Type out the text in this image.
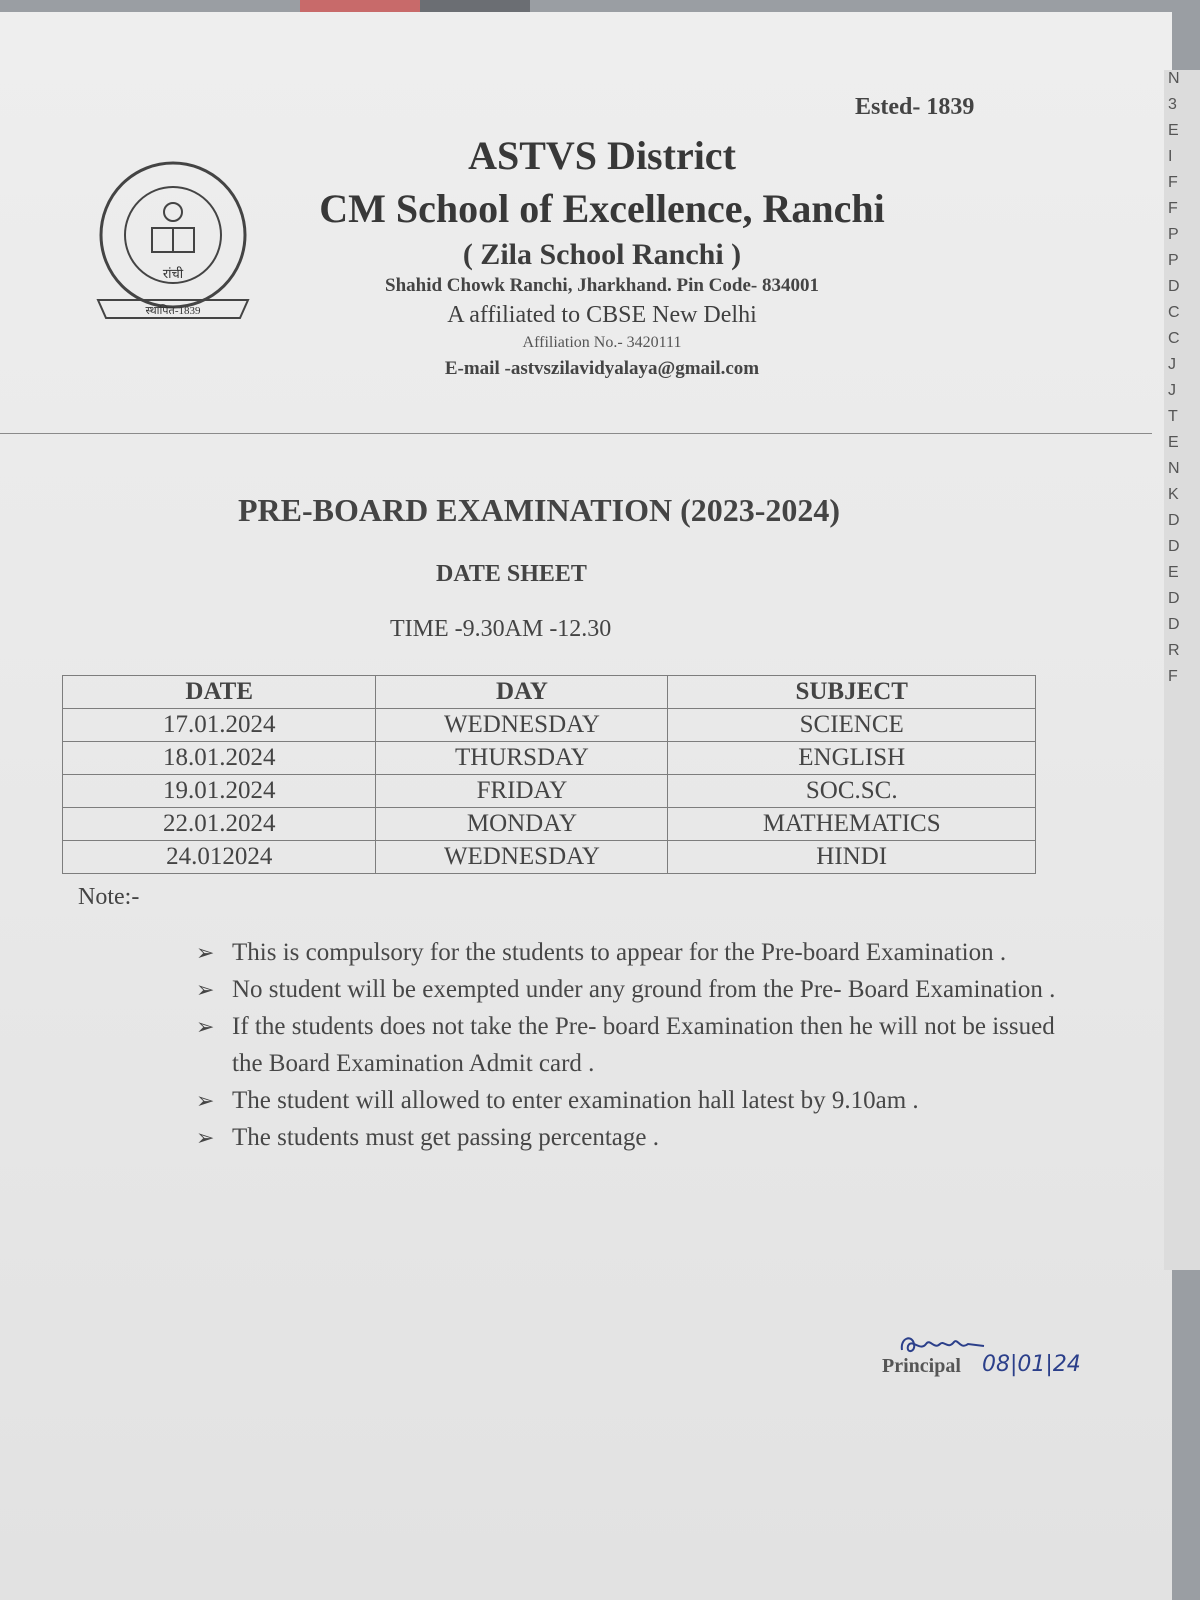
Ested- 1839
रांची
स्थापित-1839
ASTVS District
CM School of Excellence, Ranchi
( Zila School Ranchi )
Shahid Chowk Ranchi, Jharkhand. Pin Code- 834001
A affiliated to CBSE New Delhi
Affiliation No.- 3420111
E-mail -astvszilavidyalaya@gmail.com
PRE-BOARD EXAMINATION (2023-2024)
DATE SHEET
TIME -9.30AM -12.30
DATE	DAY	SUBJECT
17.01.2024	WEDNESDAY	SCIENCE
18.01.2024	THURSDAY	ENGLISH
19.01.2024	FRIDAY	SOC.SC.
22.01.2024	MONDAY	MATHEMATICS
24.012024	WEDNESDAY	HINDI
Note:-
➢ This is compulsory for the students to appear for the Pre-board Examination .
➢ No student will be exempted under any ground from the Pre- Board Examination .
➢ If the students does not take the Pre- board Examination then he will not be issued the Board Examination Admit card .
➢ The student will allowed to enter examination hall latest by 9.10am .
➢ The students must get passing percentage .
Principal 08|01|24
N
3
E
I
F
F
P
P
D
C
C
J
J
T
E
N
K
D
D
E
D
D
R
F
